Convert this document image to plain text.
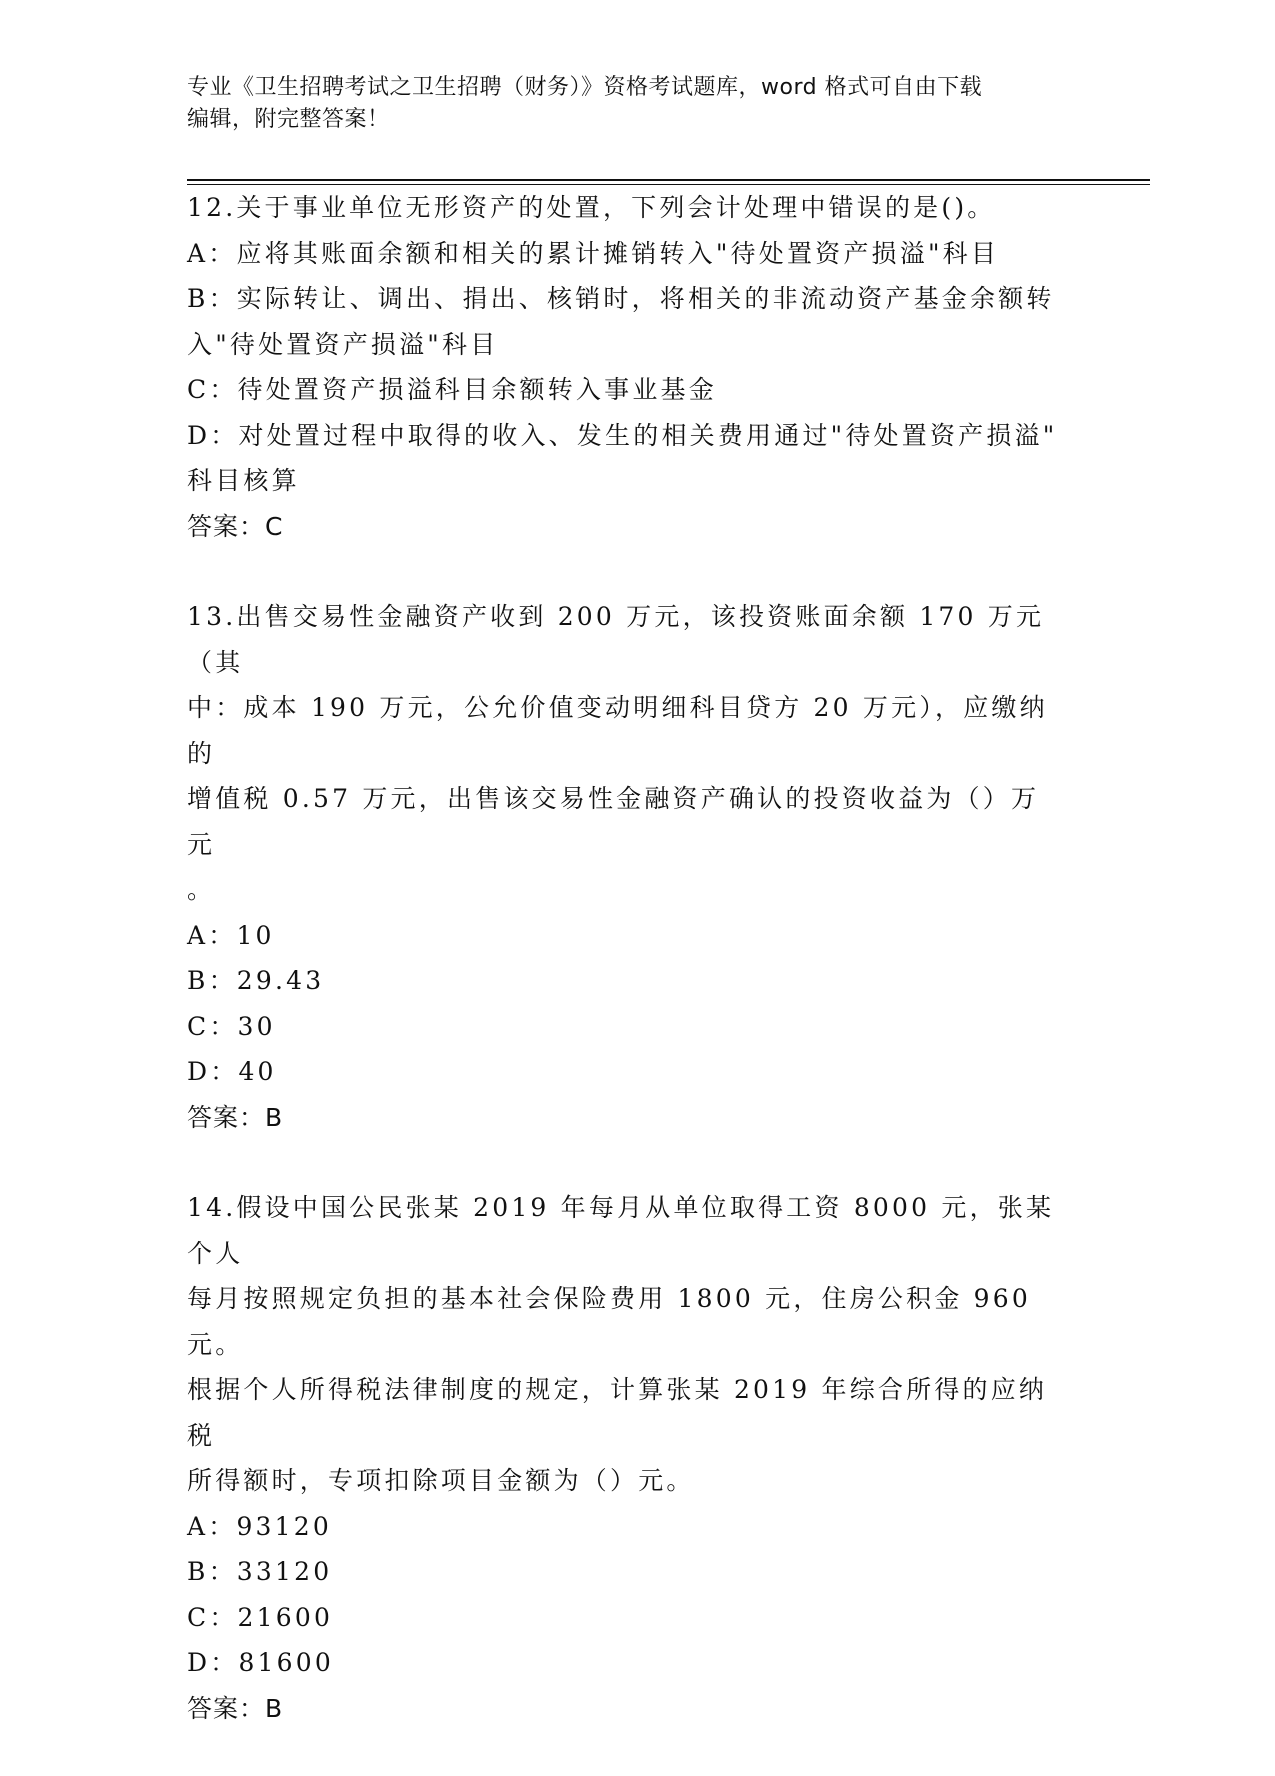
专业《卫生招聘考试之卫生招聘（财务）》资格考试题库，word 格式可自由下载
编辑，附完整答案！
12.关于事业单位无形资产的处置，下列会计处理中错误的是()。
A：应将其账面余额和相关的累计摊销转入"待处置资产损溢"科目
B：实际转让、调出、捐出、核销时，将相关的非流动资产基金余额转
入"待处置资产损溢"科目
C：待处置资产损溢科目余额转入事业基金
D：对处置过程中取得的收入、发生的相关费用通过"待处置资产损溢"
科目核算
答案：C
13.出售交易性金融资产收到 200 万元，该投资账面余额 170 万元（其
中：成本 190 万元，公允价值变动明细科目贷方 20 万元），应缴纳的
增值税 0.57 万元，出售该交易性金融资产确认的投资收益为（）万元
。
A：10
B：29.43
C：30
D：40
答案：B
14.假设中国公民张某 2019 年每月从单位取得工资 8000 元，张某个人
每月按照规定负担的基本社会保险费用 1800 元，住房公积金 960 元。
根据个人所得税法律制度的规定，计算张某 2019 年综合所得的应纳税
所得额时，专项扣除项目金额为（）元。
A：93120
B：33120
C：21600
D：81600
答案：B
